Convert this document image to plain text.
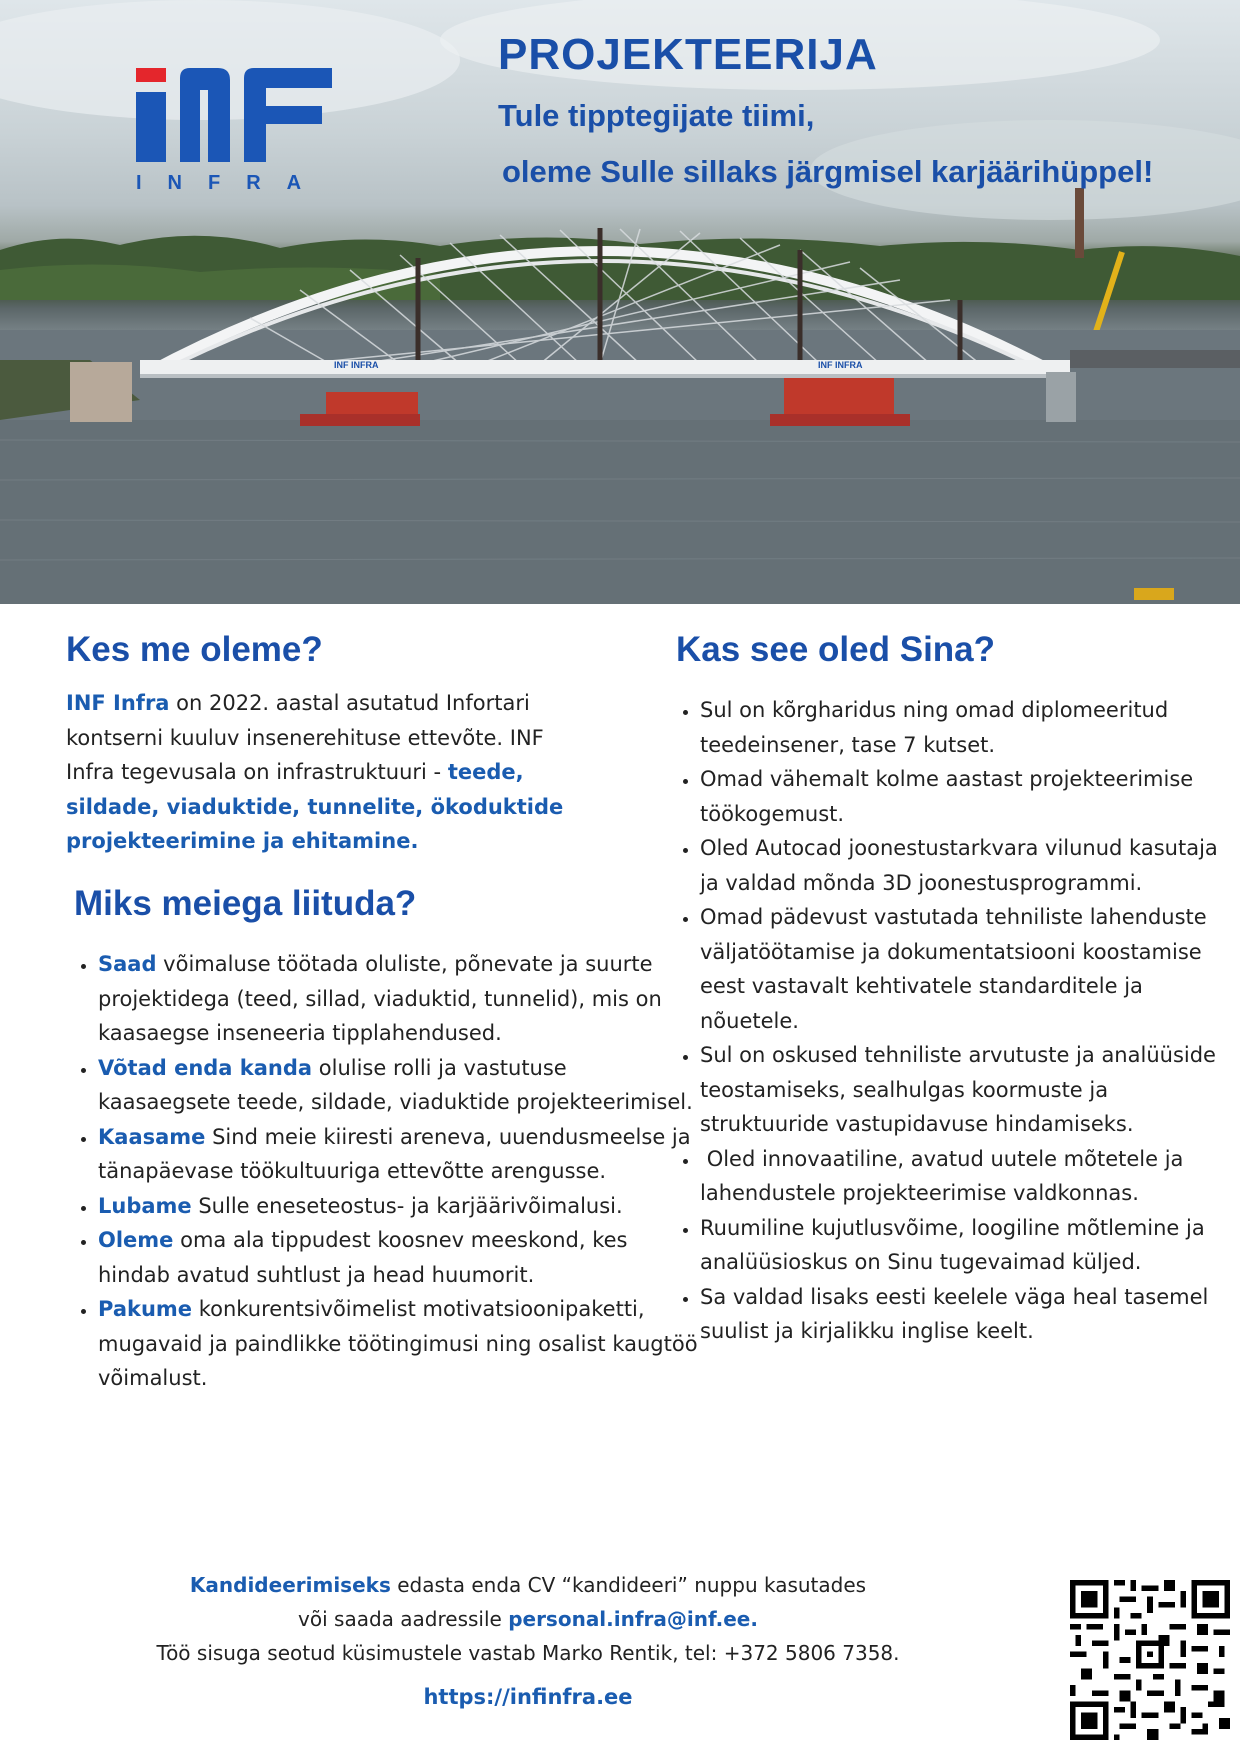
INF INFRA	INF INFRA
INFRA
PROJEKTEERIJA
Tule tipptegijate tiimi,
oleme Sulle sillaks järgmisel karjäärihüppel!
Kes me oleme?

INF Infra on 2022. aastal asutatud Infortari kontserni kuuluv insenerehituse ettevõte. INF Infra tegevusala on infrastruktuuri - teede, sildade, viaduktide, tunnelite, ökoduktide projekteerimine ja ehitamine.

Miks meiega liituda?
• Saad võimaluse töötada oluliste, põnevate ja suurte projektidega (teed, sillad, viaduktid, tunnelid), mis on kaasaegse inseneeria tipplahendused.
• Võtad enda kanda olulise rolli ja vastutuse kaasaegsete teede, sildade, viaduktide projekteerimisel.
• Kaasame Sind meie kiiresti areneva, uuendusmeelse ja tänapäevase töökultuuriga ettevõtte arengusse.
• Lubame Sulle eneseteostus- ja karjäärivõimalusi.
• Oleme oma ala tippudest koosnev meeskond, kes hindab avatud suhtlust ja head huumorit.
• Pakume konkurentsivõimelist motivatsioonipaketti, mugavaid ja paindlikke töötingimusi ning osalist kaugtöö võimalust.
Kas see oled Sina?
• Sul on kõrgharidus ning omad diplomeeritud teedeinsener, tase 7 kutset.
• Omad vähemalt kolme aastast projekteerimise töökogemust.
• Oled Autocad joonestustarkvara vilunud kasutaja ja valdad mõnda 3D joonestusprogrammi.
• Omad pädevust vastutada tehniliste lahenduste väljatöötamise ja dokumentatsiooni koostamise eest vastavalt kehtivatele standarditele ja nõuetele.
• Sul on oskused tehniliste arvutuste ja analüüside teostamiseks, sealhulgas koormuste ja struktuuride vastupidavuse hindamiseks.
•  Oled innovaatiline, avatud uutele mõtetele ja lahendustele projekteerimise valdkonnas.
• Ruumiline kujutlusvõime, loogiline mõtlemine ja analüüsioskus on Sinu tugevaimad küljed.
• Sa valdad lisaks eesti keelele väga heal tasemel suulist ja kirjalikku inglise keelt.
Kandideerimiseks edasta enda CV “kandideeri” nuppu kasutades
või saada aadressile personal.infra@inf.ee.
Töö sisuga seotud küsimustele vastab Marko Rentik, tel: +372 5806 7358.
https://infinfra.ee
